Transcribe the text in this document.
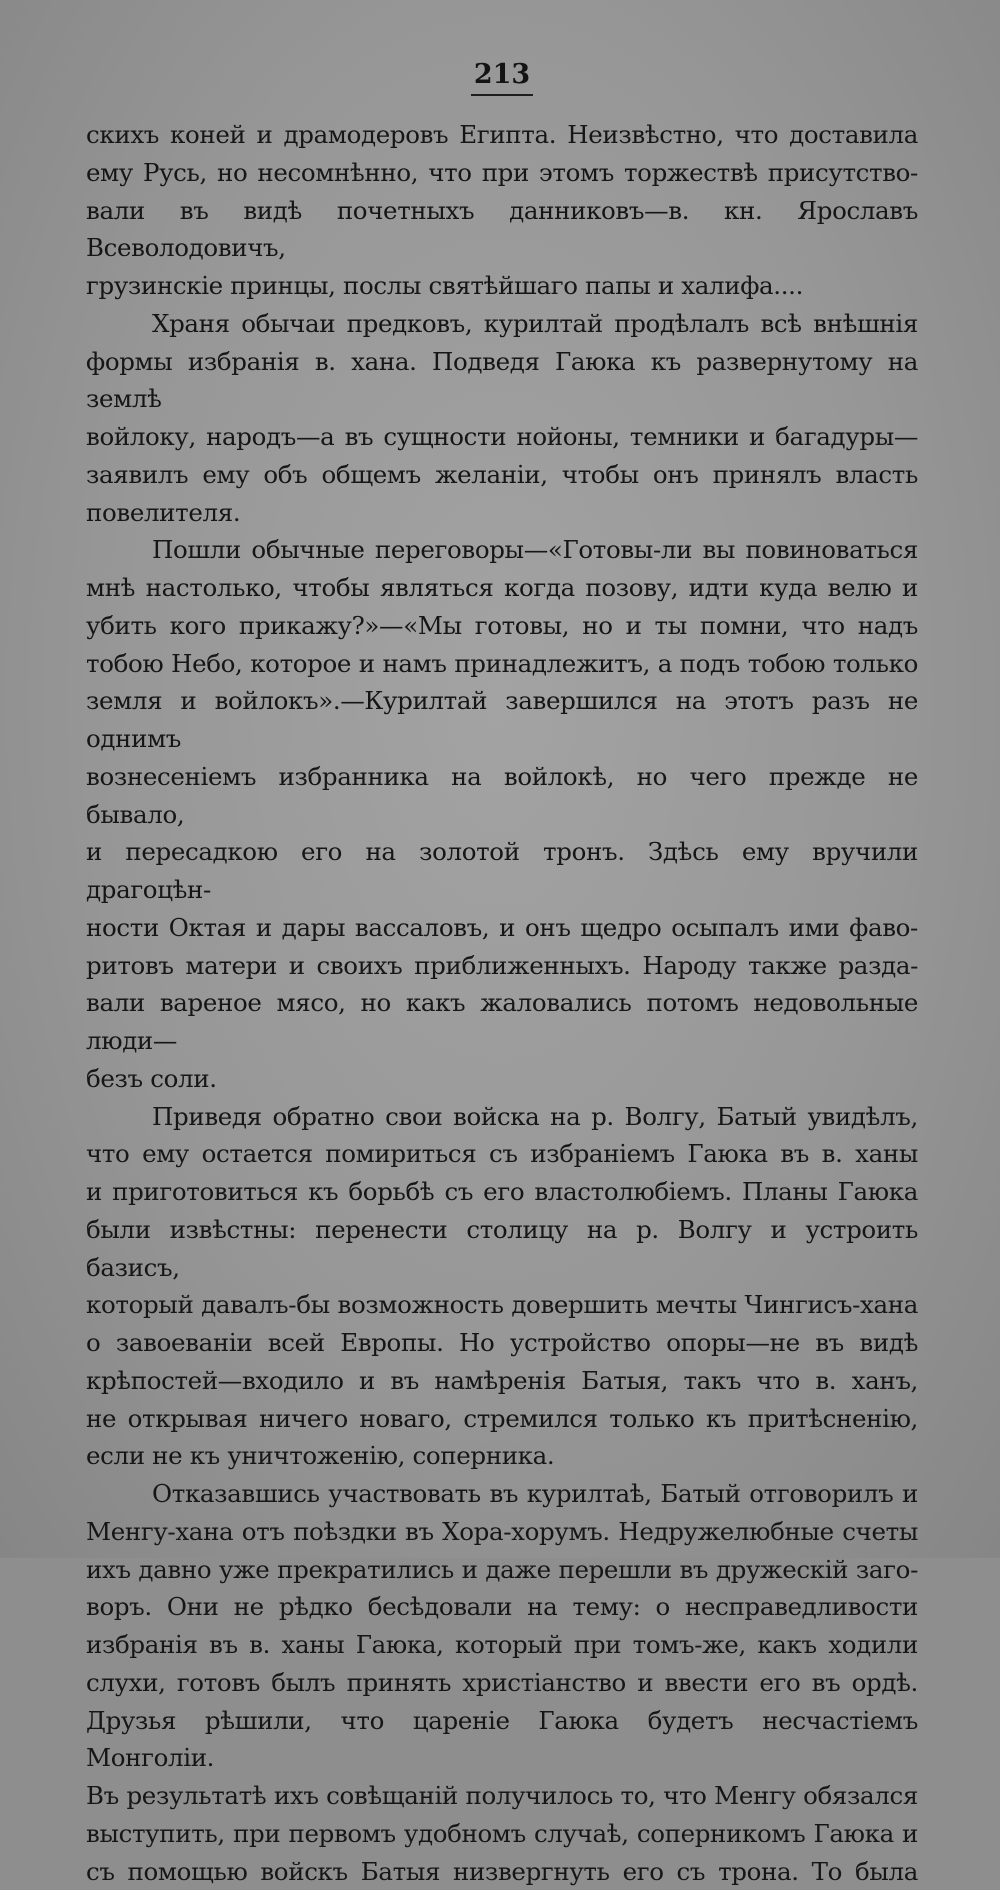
213

скихъ коней и драмодеровъ Египта. Неизвѣстно, что доставила

ему Русь, но несомнѣнно, что при этомъ торжествѣ присутство-

вали въ видѣ почетныхъ данниковъ—в. кн. Ярославъ Всеволодовичъ,

грузинскіе принцы, послы святѣйшаго папы и халифа....

Храня обычаи предковъ, курилтай продѣлалъ всѣ внѣшнія

формы избранія в. хана. Подведя Гаюка къ развернутому на землѣ

войлоку, народъ—а въ сущности нойоны, темники и багадуры—

заявилъ ему объ общемъ желаніи, чтобы онъ принялъ власть

повелителя.

Пошли обычные переговоры—«Готовы-ли вы повиноваться

мнѣ настолько, чтобы являться когда позову, идти куда велю и

убить кого прикажу?»—«Мы готовы, но и ты помни, что надъ

тобою Небо, которое и намъ принадлежитъ, а подъ тобою только

земля и войлокъ».—Курилтай завершился на этотъ разъ не однимъ

вознесеніемъ избранника на войлокѣ, но чего прежде не бывало,

и пересадкою его на золотой тронъ. Здѣсь ему вручили драгоцѣн-

ности Октая и дары вассаловъ, и онъ щедро осыпалъ ими фаво-

ритовъ матери и своихъ приближенныхъ. Народу также разда-

вали вареное мясо, но какъ жаловались потомъ недовольные люди—

безъ соли.

Приведя обратно свои войска на р. Волгу, Батый увидѣлъ,

что ему остается помириться съ избраніемъ Гаюка въ в. ханы

и приготовиться къ борьбѣ съ его властолюбіемъ. Планы Гаюка

были извѣстны: перенести столицу на р. Волгу и устроить базисъ,

который давалъ-бы возможность довершить мечты Чингисъ-хана

о завоеваніи всей Европы. Но устройство опоры—не въ видѣ

крѣпостей—входило и въ намѣренія Батыя, такъ что в. ханъ,

не открывая ничего новаго, стремился только къ притѣсненію,

если не къ уничтоженію, соперника.

Отказавшись участвовать въ курилтаѣ, Батый отговорилъ и

Менгу-хана отъ поѣздки въ Хора-хорумъ. Недружелюбные счеты

ихъ давно уже прекратились и даже перешли въ дружескій заго-

воръ. Они не рѣдко бесѣдовали на тему: о несправедливости

избранія въ в. ханы Гаюка, который при томъ-же, какъ ходили

слухи, готовъ былъ принять христіанство и ввести его въ ордѣ.

Друзья рѣшили, что цареніе Гаюка будетъ несчастіемъ Монголіи.

Въ результатѣ ихъ совѣщаній получилось то, что Менгу обязался

выступить, при первомъ удобномъ случаѣ, соперникомъ Гаюка и

съ помощью войскъ Батыя низвергнуть его съ трона. То была
